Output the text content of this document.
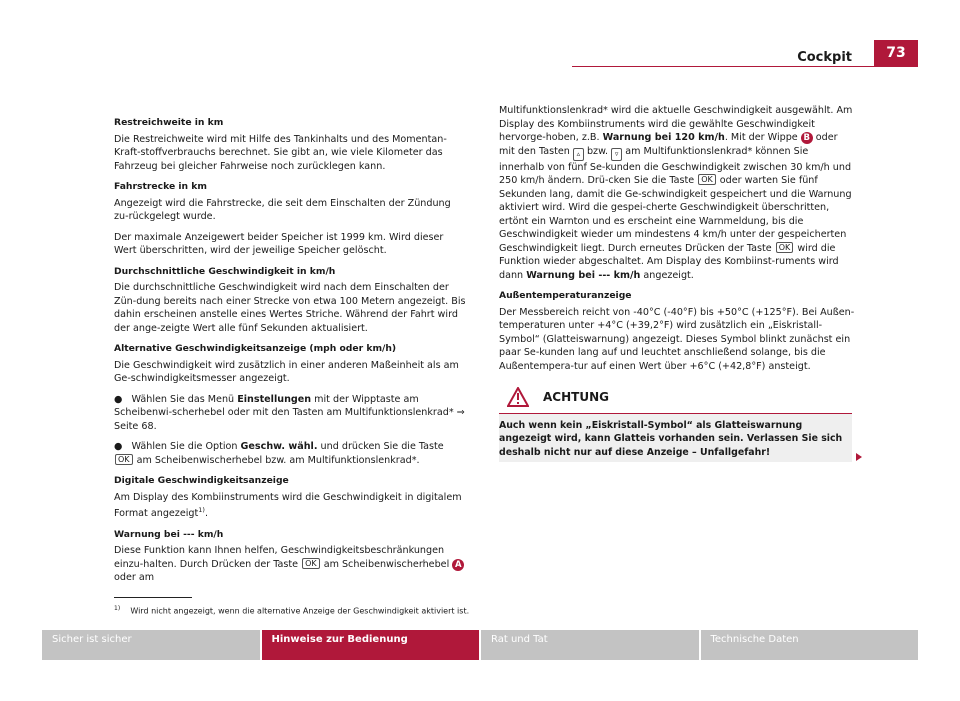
Cockpit	73

Restreichweite in km

Die Restreichweite wird mit Hilfe des Tankinhalts und des Momentan-Kraft-stoffverbrauchs berechnet. Sie gibt an, wie viele Kilometer das Fahrzeug bei gleicher Fahrweise noch zurücklegen kann.

Fahrstrecke in km

Angezeigt wird die Fahrstrecke, die seit dem Einschalten der Zündung zu-rückgelegt wurde.

Der maximale Anzeigewert beider Speicher ist 1999 km. Wird dieser Wert überschritten, wird der jeweilige Speicher gelöscht.

Durchschnittliche Geschwindigkeit in km/h

Die durchschnittliche Geschwindigkeit wird nach dem Einschalten der Zün-dung bereits nach einer Strecke von etwa 100 Metern angezeigt. Bis dahin erscheinen anstelle eines Wertes Striche. Während der Fahrt wird der ange-zeigte Wert alle fünf Sekunden aktualisiert.

Alternative Geschwindigkeitsanzeige (mph oder km/h)

Die Geschwindigkeit wird zusätzlich in einer anderen Maßeinheit als am Ge-schwindigkeitsmesser angezeigt.

●   Wählen Sie das Menü Einstellungen mit der Wipptaste am Scheibenwi-scherhebel oder mit den Tasten am Multifunktionslenkrad* ⇒ Seite 68.

●   Wählen Sie die Option Geschw. wähl. und drücken Sie die Taste OK am Scheibenwischerhebel bzw. am Multifunktionslenkrad*.

Digitale Geschwindigkeitsanzeige

Am Display des Kombiinstruments wird die Geschwindigkeit in digitalem Format angezeigt$^{1)}$.

Warnung bei --- km/h

Diese Funktion kann Ihnen helfen, Geschwindigkeitsbeschränkungen einzu-halten. Durch Drücken der Taste OK am Scheibenwischerhebel A oder am

Multifunktionslenkrad* wird die aktuelle Geschwindigkeit ausgewählt. Am Display des Kombiinstruments wird die gewählte Geschwindigkeit hervorge-hoben, z.B. Warnung bei 120 km/h. Mit der Wippe B oder mit den Tasten ▵ bzw. ▿ am Multifunktionslenkrad* können Sie innerhalb von fünf Se-kunden die Geschwindigkeit zwischen 30 km/h und 250 km/h ändern. Drü-cken Sie die Taste OK oder warten Sie fünf Sekunden lang, damit die Ge-schwindigkeit gespeichert und die Warnung aktiviert wird. Wird die gespei-cherte Geschwindigkeit überschritten, ertönt ein Warnton und es erscheint eine Warnmeldung, bis die Geschwindigkeit wieder um mindestens 4 km/h unter der gespeicherten Geschwindigkeit liegt. Durch erneutes Drücken der Taste OK wird die Funktion wieder abgeschaltet. Am Display des Kombiinst-ruments wird dann Warnung bei --- km/h angezeigt.

Außentemperaturanzeige

Der Messbereich reicht von -40°C (-40°F) bis +50°C (+125°F). Bei Außen-temperaturen unter +4°C (+39,2°F) wird zusätzlich ein „Eiskristall-Symbol“ (Glatteiswarnung) angezeigt. Dieses Symbol blinkt zunächst ein paar Se-kunden lang auf und leuchtet anschließend solange, bis die Außentempera-tur auf einen Wert über +6°C (+42,8°F) ansteigt.

ACHTUNG
Auch wenn kein „Eiskristall-Symbol“ als Glatteiswarnung angezeigt wird, kann Glatteis vorhanden sein. Verlassen Sie sich deshalb nicht nur auf diese Anzeige – Unfallgefahr!
$^{1)}$ Wird nicht angezeigt, wenn die alternative Anzeige der Geschwindigkeit aktiviert ist.
Sicher ist sicher	Hinweise zur Bedienung	Rat und Tat	Technische Daten
